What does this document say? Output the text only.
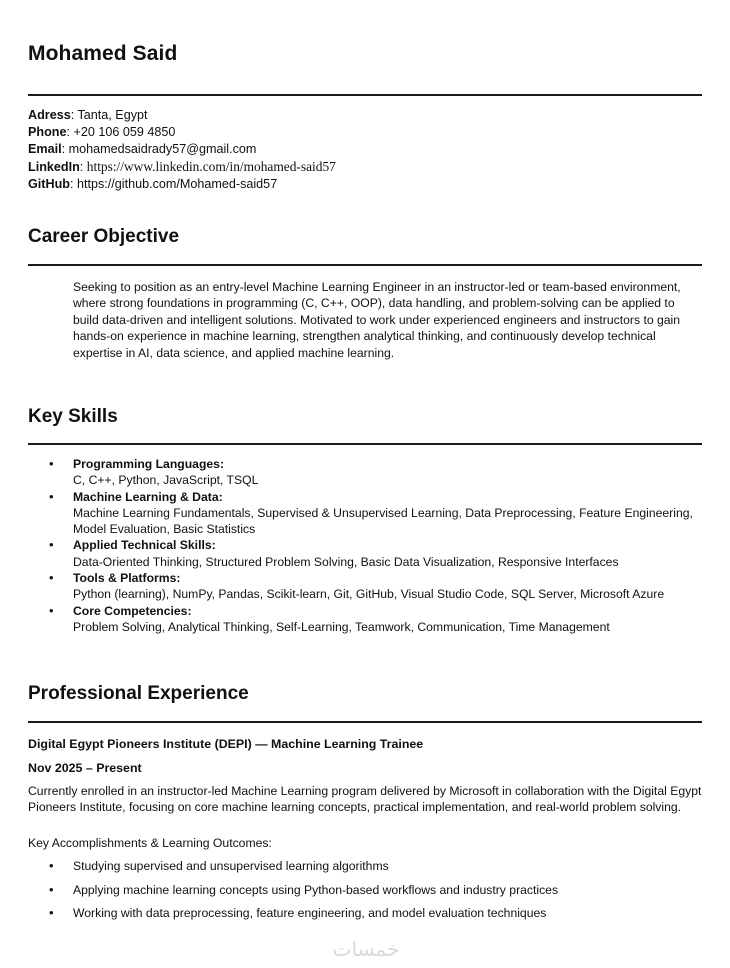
Mohamed Said
Adress: Tanta, Egypt
Phone: +20 106 059 4850
Email: mohamedsaidrady57@gmail.com
LinkedIn: https://www.linkedin.com/in/mohamed-said57
GitHub: https://github.com/Mohamed-said57
Career Objective

Seeking to position as an entry-level Machine Learning Engineer in an instructor-led or team-based environment, where strong foundations in programming (C, C++, OOP), data handling, and problem-solving can be applied to build data-driven and intelligent solutions. Motivated to work under experienced engineers and instructors to gain hands-on experience in machine learning, strengthen analytical thinking, and continuously develop technical expertise in AI, data science, and applied machine learning.

Key Skills
• Programming Languages:
C, C++, Python, JavaScript, TSQL
• Machine Learning & Data:
Machine Learning Fundamentals, Supervised & Unsupervised Learning, Data Preprocessing, Feature Engineering, Model Evaluation, Basic Statistics
• Applied Technical Skills:
Data-Oriented Thinking, Structured Problem Solving, Basic Data Visualization, Responsive Interfaces
• Tools & Platforms:
Python (learning), NumPy, Pandas, Scikit-learn, Git, GitHub, Visual Studio Code, SQL Server, Microsoft Azure
• Core Competencies:
Problem Solving, Analytical Thinking, Self-Learning, Teamwork, Communication, Time Management
Professional Experience
Digital Egypt Pioneers Institute (DEPI) — Machine Learning Trainee
Nov 2025 – Present

Currently enrolled in an instructor-led Machine Learning program delivered by Microsoft in collaboration with the Digital Egypt Pioneers Institute, focusing on core machine learning concepts, practical implementation, and real-world problem solving.

Key Accomplishments & Learning Outcomes:
• Studying supervised and unsupervised learning algorithms
• Applying machine learning concepts using Python-based workflows and industry practices
• Working with data preprocessing, feature engineering, and model evaluation techniques
خمسات
